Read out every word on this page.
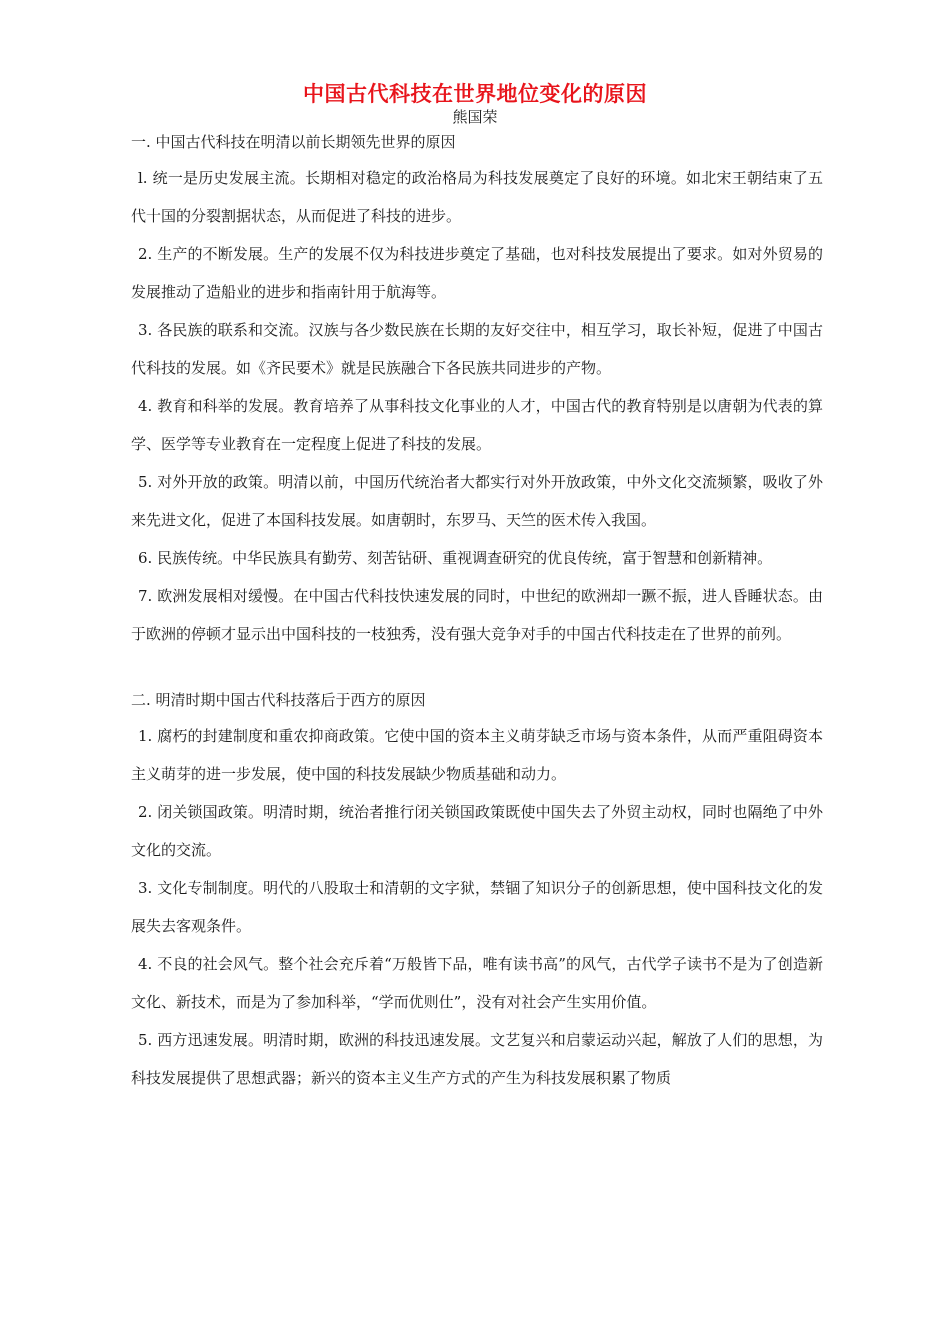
中国古代科技在世界地位变化的原因
熊国荣
一. 中国古代科技在明清以前长期领先世界的原因

l. 统一是历史发展主流。长期相对稳定的政治格局为科技发展奠定了良好的环境。如北宋王朝结束了五代十国的分裂割据状态，从而促进了科技的进步。

2. 生产的不断发展。生产的发展不仅为科技进步奠定了基础，也对科技发展提出了要求。如对外贸易的发展推动了造船业的进步和指南针用于航海等。

3. 各民族的联系和交流。汉族与各少数民族在长期的友好交往中，相互学习，取长补短，促进了中国古代科技的发展。如《齐民要术》就是民族融合下各民族共同进步的产物。

4. 教育和科举的发展。教育培养了从事科技文化事业的人才，中国古代的教育特别是以唐朝为代表的算学、医学等专业教育在一定程度上促进了科技的发展。

5. 对外开放的政策。明清以前，中国历代统治者大都实行对外开放政策，中外文化交流频繁，吸收了外来先进文化，促进了本国科技发展。如唐朝时，东罗马、天竺的医术传入我国。

6. 民族传统。中华民族具有勤劳、刻苦钻研、重视调查研究的优良传统，富于智慧和创新精神。

7. 欧洲发展相对缓慢。在中国古代科技快速发展的同时，中世纪的欧洲却一蹶不振，进人昏睡状态。由于欧洲的停顿才显示出中国科技的一枝独秀，没有强大竞争对手的中国古代科技走在了世界的前列。

二. 明清时期中国古代科技落后于西方的原因

1. 腐朽的封建制度和重农抑商政策。它使中国的资本主义萌芽缺乏市场与资本条件，从而严重阻碍资本主义萌芽的进一步发展，使中国的科技发展缺少物质基础和动力。

2. 闭关锁国政策。明清时期，统治者推行闭关锁国政策既使中国失去了外贸主动权，同时也隔绝了中外文化的交流。

3. 文化专制制度。明代的八股取士和清朝的文字狱，禁锢了知识分子的创新思想，使中国科技文化的发展失去客观条件。

4. 不良的社会风气。整个社会充斥着“万般皆下品，唯有读书高”的风气，古代学子读书不是为了创造新文化、新技术，而是为了参加科举，“学而优则仕”，没有对社会产生实用价值。

5. 西方迅速发展。明清时期，欧洲的科技迅速发展。文艺复兴和启蒙运动兴起，解放了人们的思想，为科技发展提供了思想武器；新兴的资本主义生产方式的产生为科技发展积累了物质
